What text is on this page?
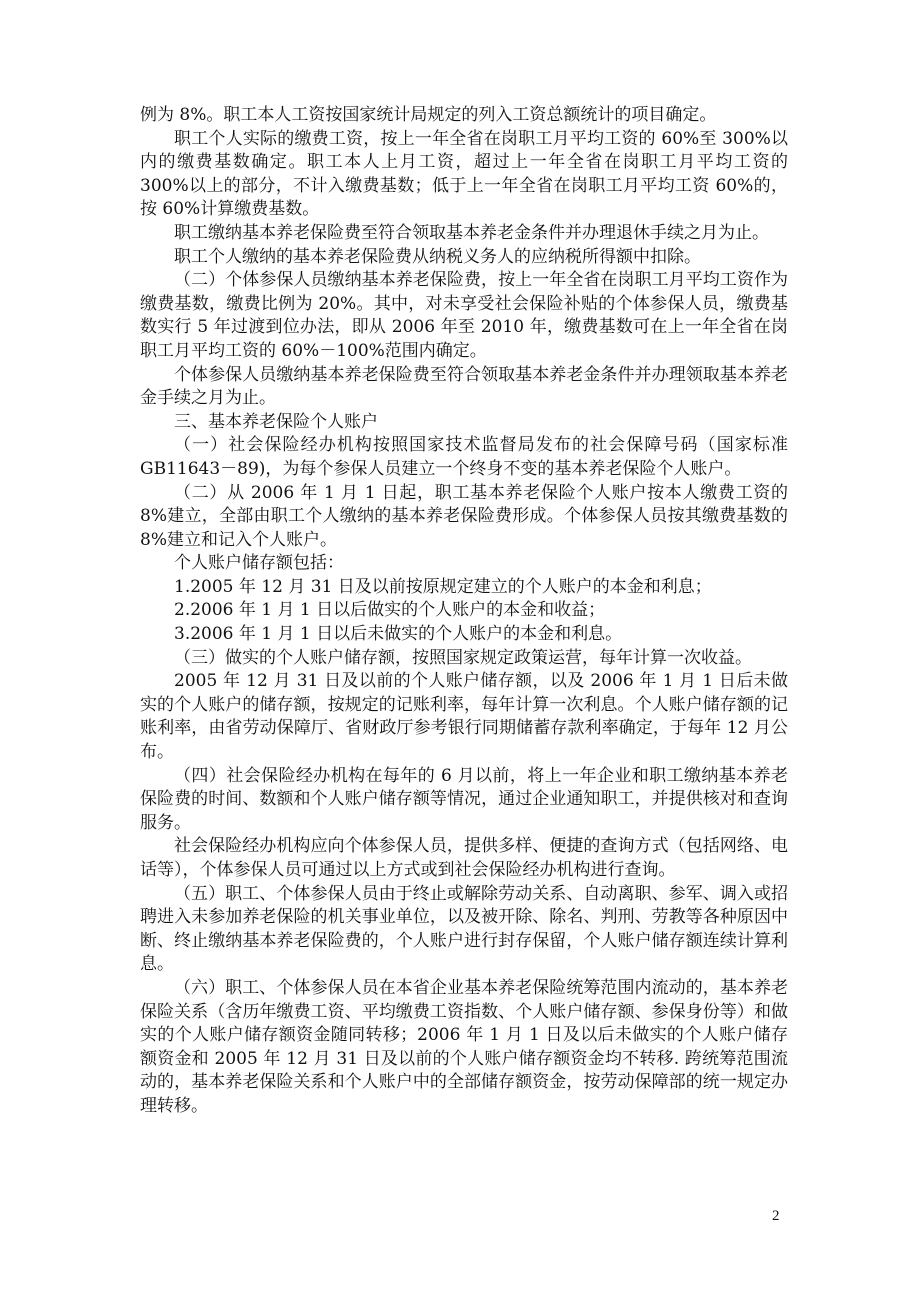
例为 8%。职工本人工资按国家统计局规定的列入工资总额统计的项目确定。

职工个人实际的缴费工资，按上一年全省在岗职工月平均工资的 60%至 300%以内的缴费基数确定。职工本人上月工资，超过上一年全省在岗职工月平均工资的 300%以上的部分，不计入缴费基数；低于上一年全省在岗职工月平均工资 60%的，按 60%计算缴费基数。

职工缴纳基本养老保险费至符合领取基本养老金条件并办理退休手续之月为止。

职工个人缴纳的基本养老保险费从纳税义务人的应纳税所得额中扣除。

（二）个体参保人员缴纳基本养老保险费，按上一年全省在岗职工月平均工资作为缴费基数，缴费比例为 20%。其中，对未享受社会保险补贴的个体参保人员，缴费基数实行 5 年过渡到位办法，即从 2006 年至 2010 年，缴费基数可在上一年全省在岗职工月平均工资的 60%－100%范围内确定。

个体参保人员缴纳基本养老保险费至符合领取基本养老金条件并办理领取基本养老金手续之月为止。

三、基本养老保险个人账户

（一）社会保险经办机构按照国家技术监督局发布的社会保障号码（国家标准 GB11643－89)，为每个参保人员建立一个终身不变的基本养老保险个人账户。

（二）从 2006 年 1 月 1 日起，职工基本养老保险个人账户按本人缴费工资的 8%建立，全部由职工个人缴纳的基本养老保险费形成。个体参保人员按其缴费基数的 8%建立和记入个人账户。

个人账户储存额包括：

1.2005 年 12 月 31 日及以前按原规定建立的个人账户的本金和利息；

2.2006 年 1 月 1 日以后做实的个人账户的本金和收益；

3.2006 年 1 月 1 日以后未做实的个人账户的本金和利息。

（三）做实的个人账户储存额，按照国家规定政策运营，每年计算一次收益。

2005 年 12 月 31 日及以前的个人账户储存额，以及 2006 年 1 月 1 日后未做实的个人账户的储存额，按规定的记账利率，每年计算一次利息。个人账户储存额的记账利率，由省劳动保障厅、省财政厅参考银行同期储蓄存款利率确定，于每年 12 月公布。

（四）社会保险经办机构在每年的 6 月以前，将上一年企业和职工缴纳基本养老保险费的时间、数额和个人账户储存额等情况，通过企业通知职工，并提供核对和查询服务。

社会保险经办机构应向个体参保人员，提供多样、便捷的查询方式（包括网络、电话等），个体参保人员可通过以上方式或到社会保险经办机构进行查询。

（五）职工、个体参保人员由于终止或解除劳动关系、自动离职、参军、调入或招聘进入未参加养老保险的机关事业单位，以及被开除、除名、判刑、劳教等各种原因中断、终止缴纳基本养老保险费的，个人账户进行封存保留，个人账户储存额连续计算利息。

（六）职工、个体参保人员在本省企业基本养老保险统筹范围内流动的，基本养老保险关系（含历年缴费工资、平均缴费工资指数、个人账户储存额、参保身份等）和做实的个人账户储存额资金随同转移；2006 年 1 月 1 日及以后未做实的个人账户储存额资金和 2005 年 12 月 31 日及以前的个人账户储存额资金均不转移. 跨统筹范围流动的，基本养老保险关系和个人账户中的全部储存额资金，按劳动保障部的统一规定办理转移。

2
